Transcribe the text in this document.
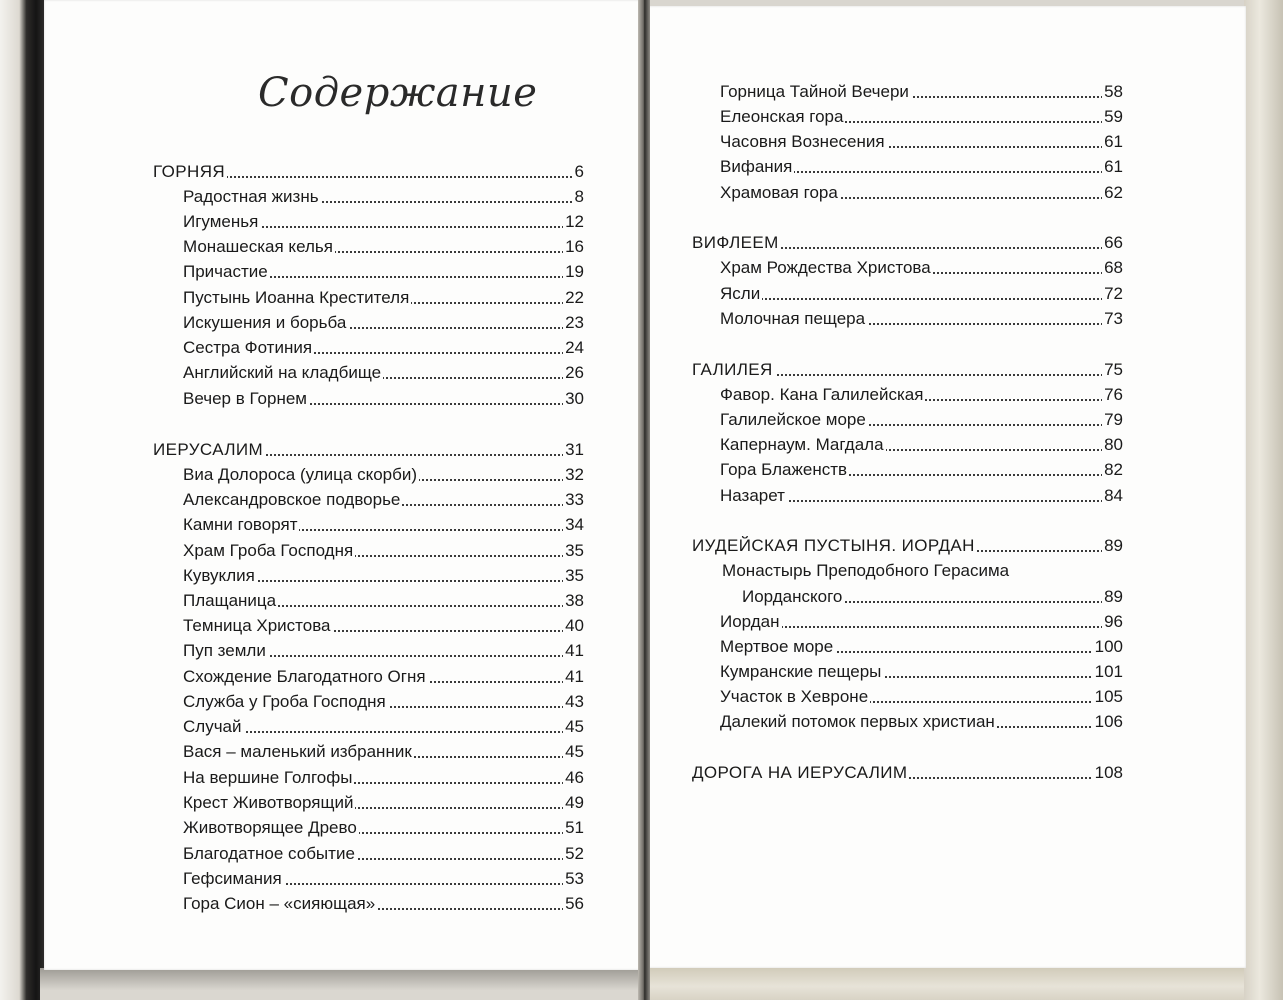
Содержание
ГОРНЯЯ	6
Радостная жизнь	8
Игуменья	12
Монашеская келья	16
Причастие	19
Пустынь Иоанна Крестителя	22
Искушения и борьба	23
Сестра Фотиния	24
Английский на кладбище	26
Вечер в Горнем	30
ИЕРУСАЛИМ	31
Виа Долороса (улица скорби)	32
Александровское подворье	33
Камни говорят	34
Храм Гроба Господня	35
Кувуклия	35
Плащаница	38
Темница Христова	40
Пуп земли	41
Схождение Благодатного Огня	41
Служба у Гроба Господня	43
Случай	45
Вася – маленький избранник	45
На вершине Голгофы	46
Крест Животворящий	49
Животворящее Древо	51
Благодатное событие	52
Гефсимания	53
Гора Сион – «сияющая»	56
Горница Тайной Вечери	58
Елеонская гора	59
Часовня Вознесения	61
Вифания	61
Храмовая гора	62
ВИФЛЕЕМ	66
Храм Рождества Христова	68
Ясли	72
Молочная пещера	73
ГАЛИЛЕЯ	75
Фавор. Кана Галилейская	76
Галилейское море	79
Капернаум. Магдала	80
Гора Блаженств	82
Назарет	84
ИУДЕЙСКАЯ ПУСТЫНЯ. ИОРДАН	89
Монастырь Преподобного Герасима
Иорданского	89
Иордан	96
Мертвое море	100
Кумранские пещеры	101
Участок в Хевроне	105
Далекий потомок первых христиан	106
ДОРОГА НА ИЕРУСАЛИМ	108
